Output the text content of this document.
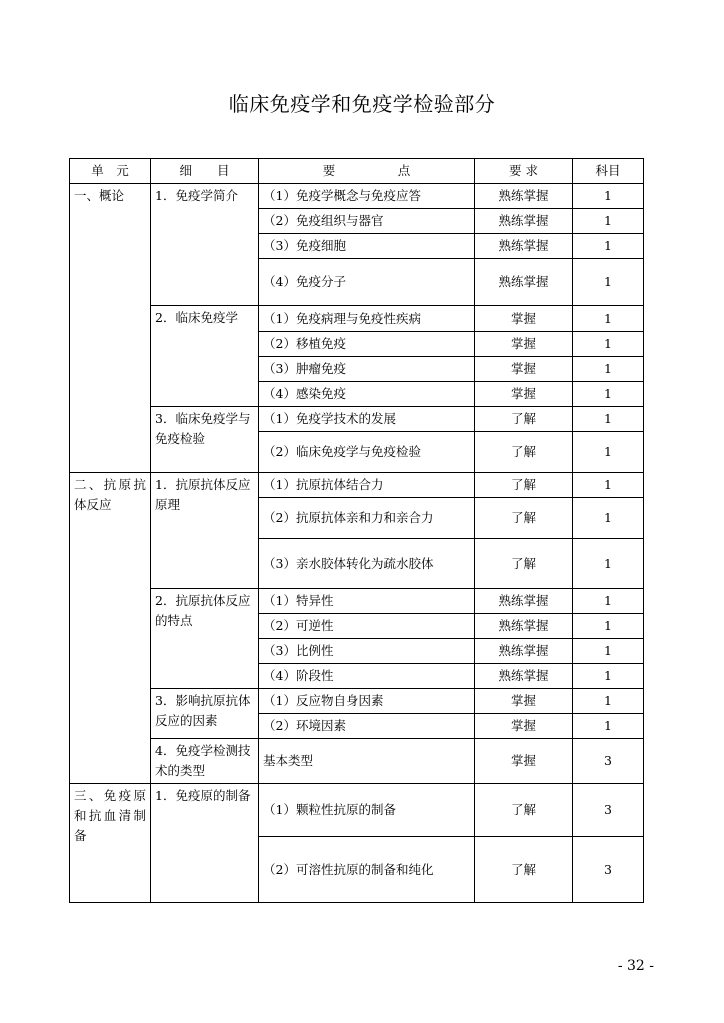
临床免疫学和免疫学检验部分
单　元	细　　目	要　　　　　点	要 求	科目
一、概论	1．免疫学简介	（1）免疫学概念与免疫应答	熟练掌握	1
		（2）免疫组织与器官	熟练掌握	1
		（3）免疫细胞	熟练掌握	1
		（4）免疫分子	熟练掌握	1
	2．临床免疫学	（1）免疫病理与免疫性疾病	掌握	1
		（2）移植免疫	掌握	1
		（3）肿瘤免疫	掌握	1
		（4）感染免疫	掌握	1
	3．临床免疫学与免疫检验	（1）免疫学技术的发展	了解	1
		（2）临床免疫学与免疫检验	了解	1
二、抗原抗体反应	1．抗原抗体反应原理	（1）抗原抗体结合力	了解	1
		（2）抗原抗体亲和力和亲合力	了解	1
		（3）亲水胶体转化为疏水胶体	了解	1
	2．抗原抗体反应的特点	（1）特异性	熟练掌握	1
		（2）可逆性	熟练掌握	1
		（3）比例性	熟练掌握	1
		（4）阶段性	熟练掌握	1
	3．影响抗原抗体反应的因素	（1）反应物自身因素	掌握	1
		（2）环境因素	掌握	1
	4．免疫学检测技术的类型	基本类型	掌握	3
三、免疫原和抗血清制备	1．免疫原的制备	（1）颗粒性抗原的制备	了解	3
		（2）可溶性抗原的制备和纯化	了解	3
- 32 -
